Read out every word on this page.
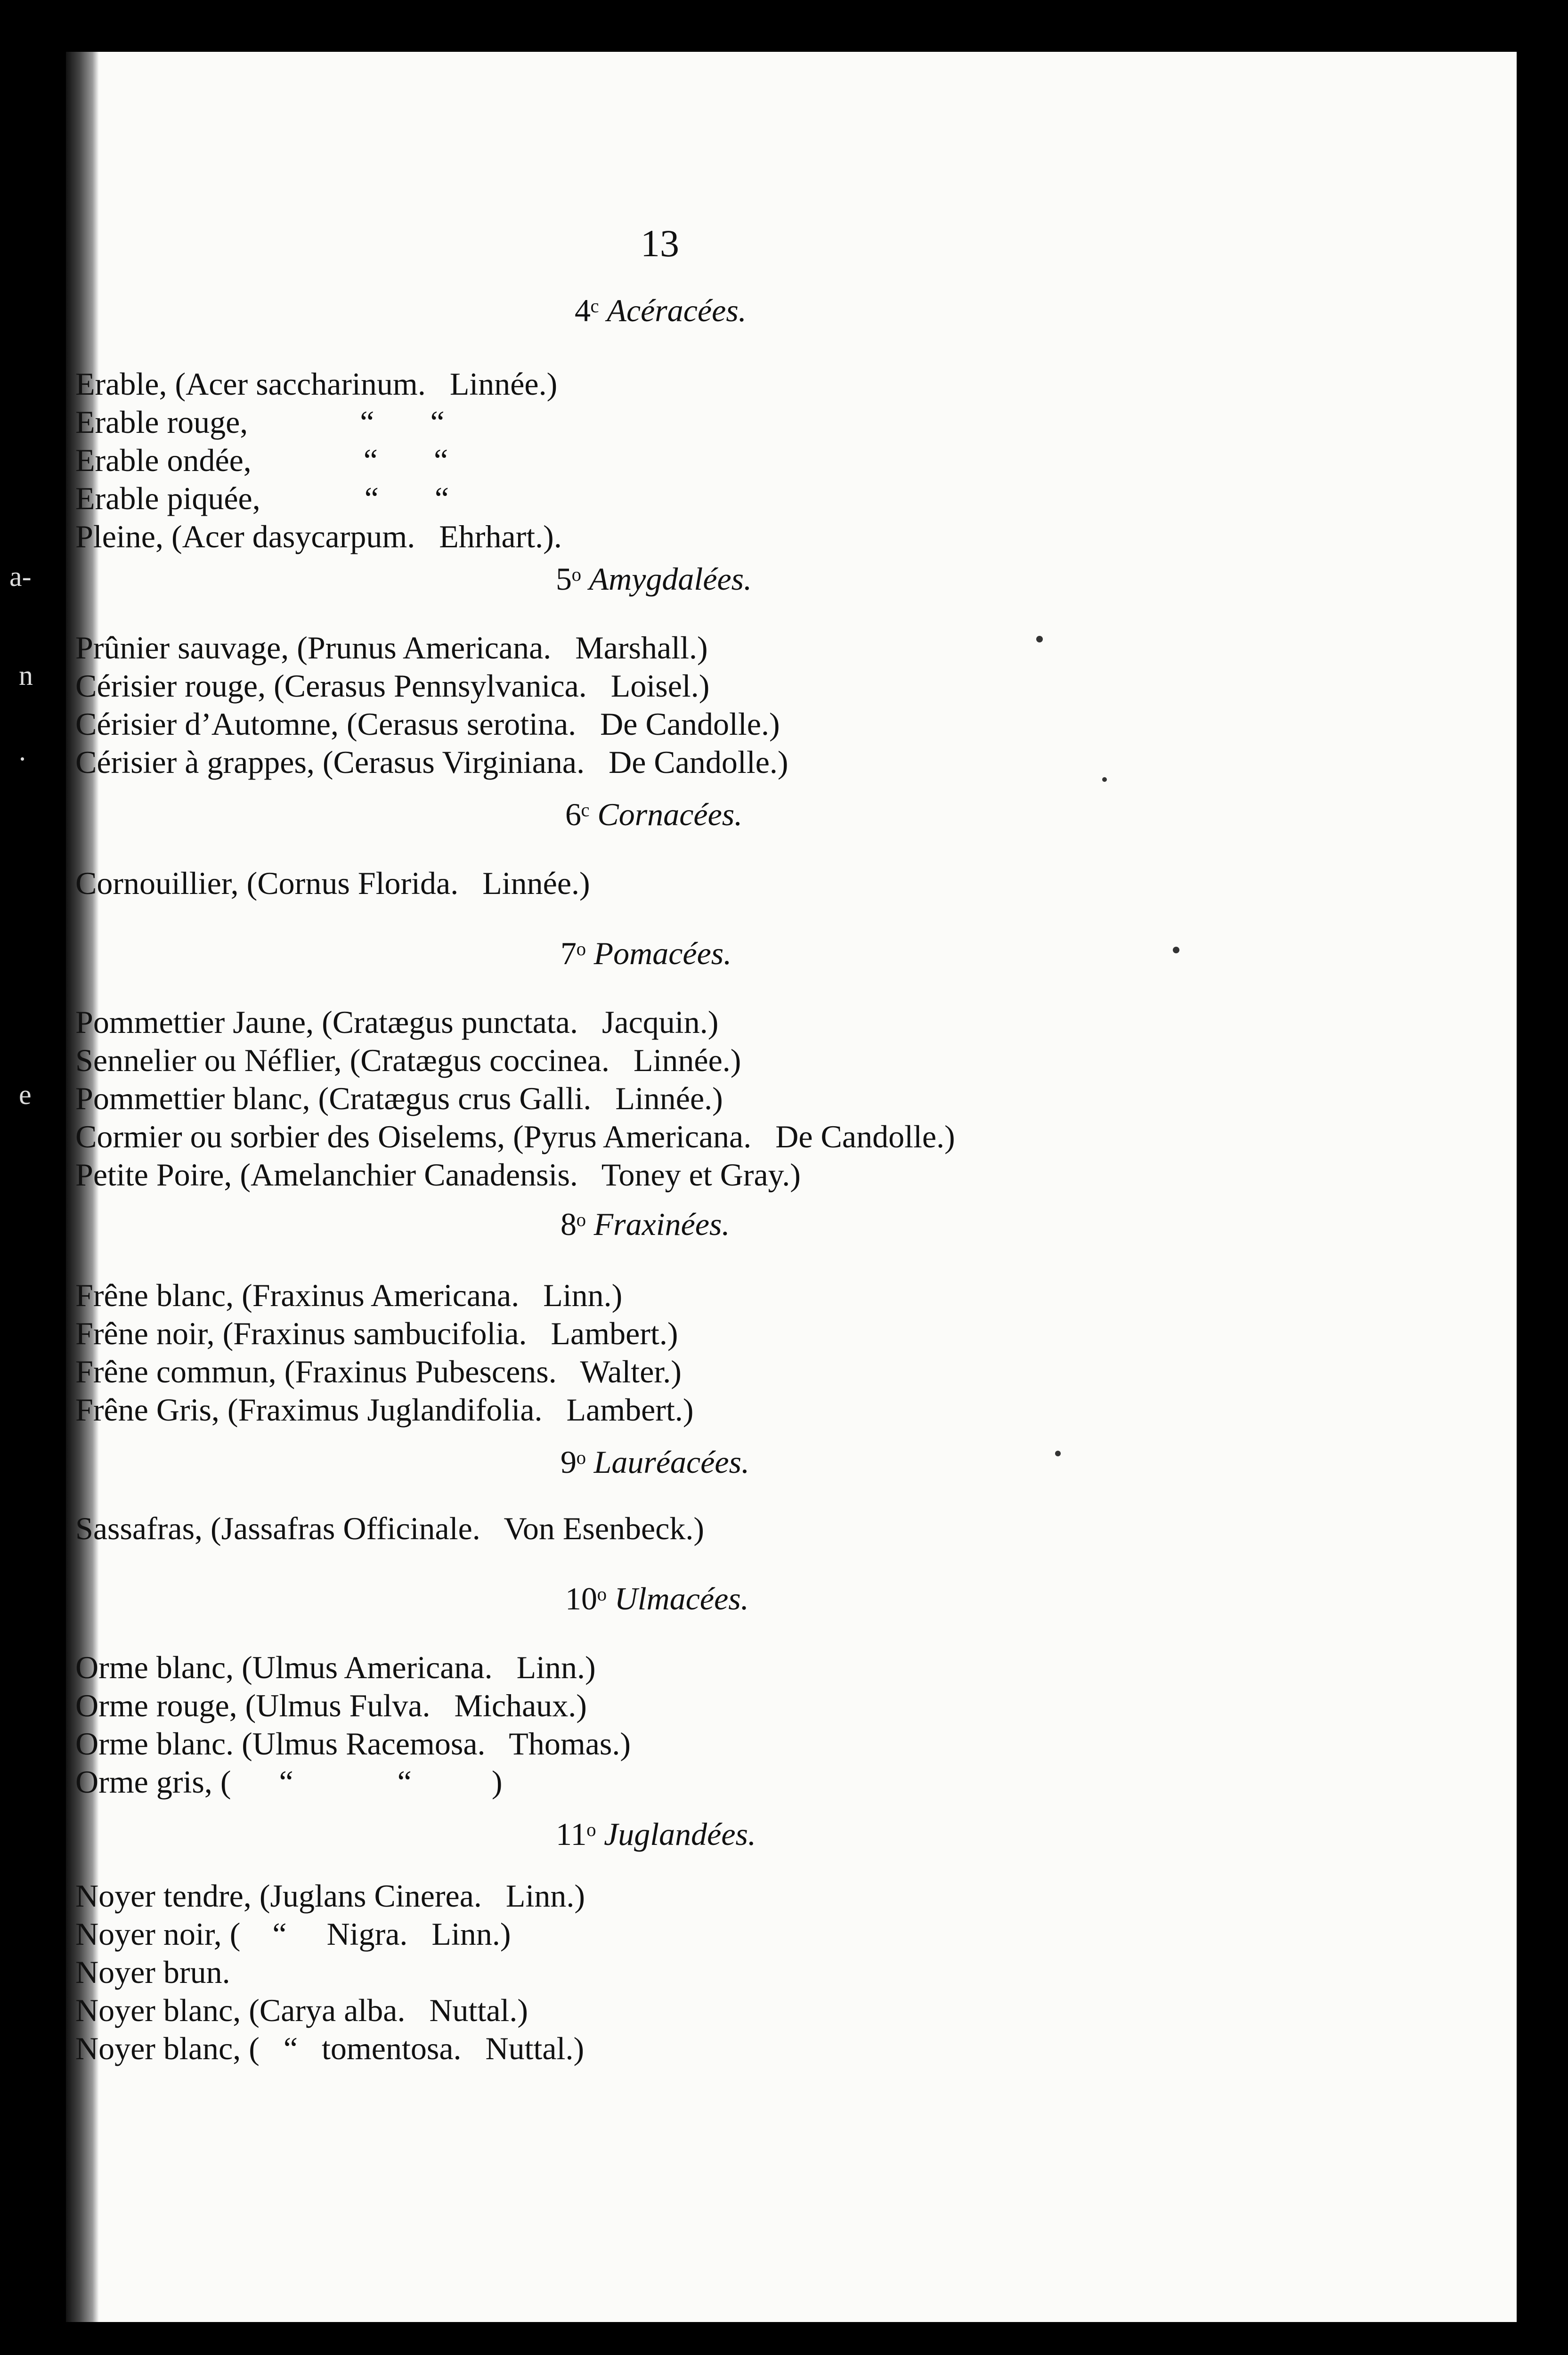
a-
n
.
e
13
4ᶜ Acéracées.
Erable, (Acer saccharinum.   Linnée.)
Erable rouge,              “       “
Erable ondée,              “       “
Erable piquée,             “       “
Pleine, (Acer dasycarpum.   Ehrhart.).
5ᵒ Amygdalées.
Prûnier sauvage, (Prunus Americana.   Marshall.)
Cérisier rouge, (Cerasus Pennsylvanica.   Loisel.)
Cérisier d’Automne, (Cerasus serotina.   De Candolle.)
Cérisier à grappes, (Cerasus Virginiana.   De Candolle.)
6ᶜ Cornacées.
Cornouillier, (Cornus Florida.   Linnée.)
7ᵒ Pomacées.
Pommettier Jaune, (Cratægus punctata.   Jacquin.)
Sennelier ou Néflier, (Cratægus coccinea.   Linnée.)
Pommettier blanc, (Cratægus crus Galli.   Linnée.)
Cormier ou sorbier des Oiselems, (Pyrus Americana.   De Candolle.)
Petite Poire, (Amelanchier Canadensis.   Toney et Gray.)
8ᵒ Fraxinées.
Frêne blanc, (Fraxinus Americana.   Linn.)
Frêne noir, (Fraxinus sambucifolia.   Lambert.)
Frêne commun, (Fraxinus Pubescens.   Walter.)
Frêne Gris, (Fraximus Juglandifolia.   Lambert.)
9ᵒ Lauréacées.
Sassafras, (Jassafras Officinale.   Von Esenbeck.)
10ᵒ Ulmacées.
Orme blanc, (Ulmus Americana.   Linn.)
Orme rouge, (Ulmus Fulva.   Michaux.)
Orme blanc. (Ulmus Racemosa.   Thomas.)
Orme gris, (      “             “          )
11ᵒ Juglandées.
Noyer tendre, (Juglans Cinerea.   Linn.)
Noyer noir, (    “     Nigra.   Linn.)
Noyer brun.
Noyer blanc, (Carya alba.   Nuttal.)
Noyer blanc, (   “   tomentosa.   Nuttal.)
